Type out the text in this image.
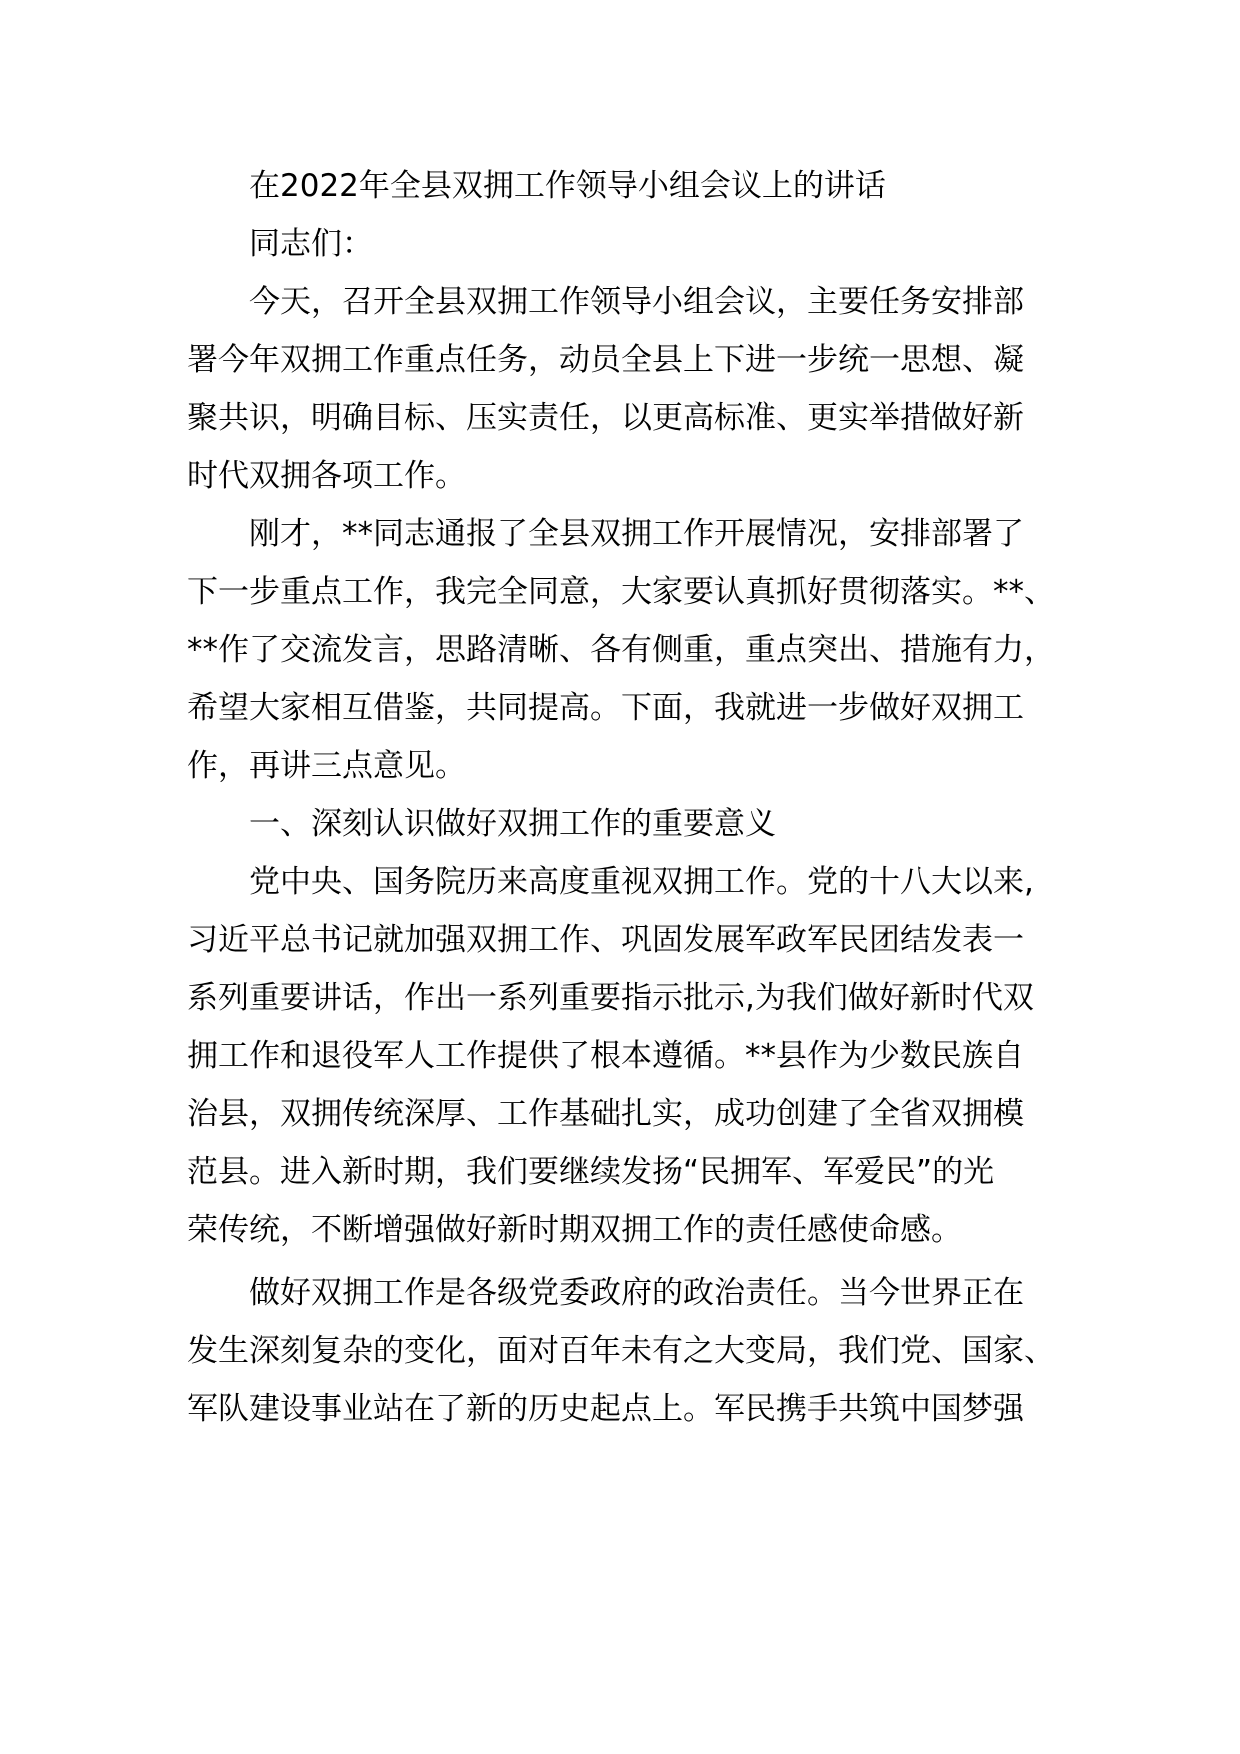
在2022年全县双拥工作领导小组会议上的讲话
同志们：
今天，召开全县双拥工作领导小组会议，主要任务安排部
署今年双拥工作重点任务，动员全县上下进一步统一思想、凝
聚共识，明确目标、压实责任，以更高标准、更实举措做好新
时代双拥各项工作。
刚才，**同志通报了全县双拥工作开展情况，安排部署了
下一步重点工作，我完全同意，大家要认真抓好贯彻落实。**、
**作了交流发言，思路清晰、各有侧重，重点突出、措施有力，
希望大家相互借鉴，共同提高。下面，我就进一步做好双拥工
作，再讲三点意见。
一、深刻认识做好双拥工作的重要意义
党中央、国务院历来高度重视双拥工作。党的十八大以来,
习近平总书记就加强双拥工作、巩固发展军政军民团结发表一
系列重要讲话，作出一系列重要指示批示,为我们做好新时代双
拥工作和退役军人工作提供了根本遵循。**县作为少数民族自
治县，双拥传统深厚、工作基础扎实，成功创建了全省双拥模
范县。进入新时期，我们要继续发扬“民拥军、军爱民”的光
荣传统，不断增强做好新时期双拥工作的责任感使命感。
做好双拥工作是各级党委政府的政治责任。当今世界正在
发生深刻复杂的变化，面对百年未有之大变局，我们党、国家、
军队建设事业站在了新的历史起点上。军民携手共筑中国梦强
